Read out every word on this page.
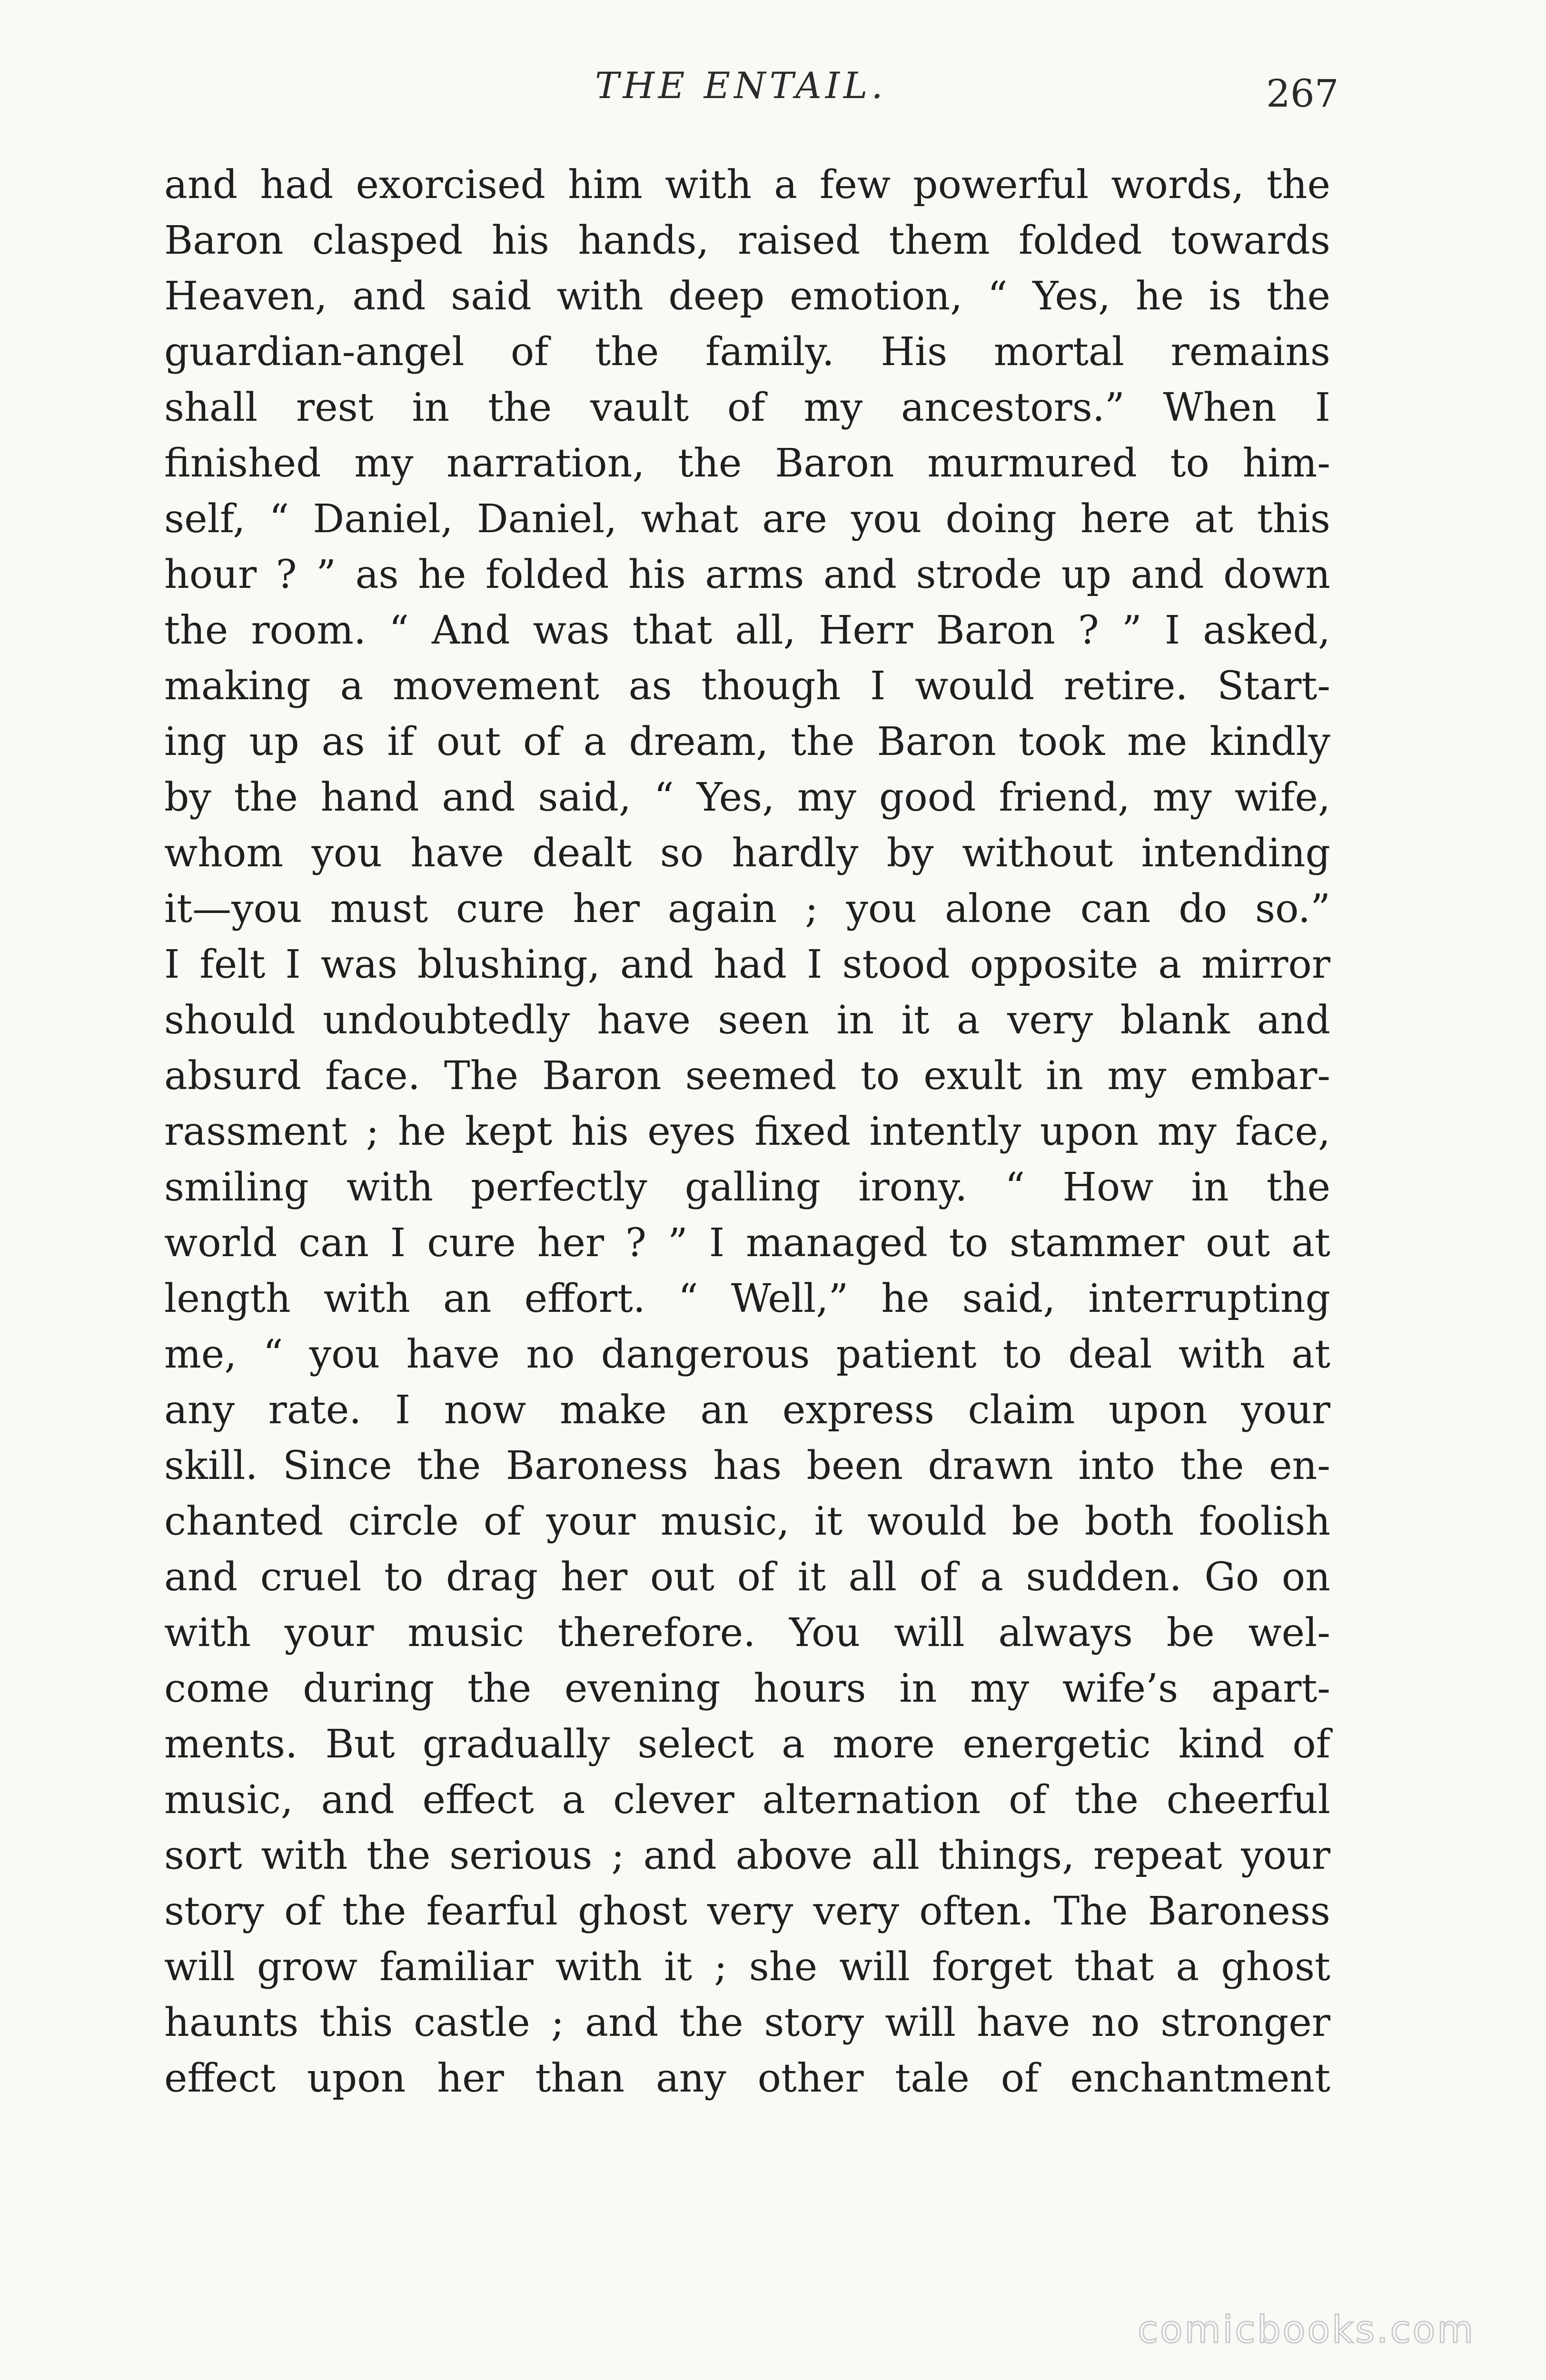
THE ENTAIL.	267
and had exorcised him with a few powerful words, the
Baron clasped his hands, raised them folded towards
Heaven, and said with deep emotion, “ Yes, he is the
guardian-angel of the family. His mortal remains
shall rest in the vault of my ancestors.” When I
finished my narration, the Baron murmured to him-
self, “ Daniel, Daniel, what are you doing here at this
hour ? ” as he folded his arms and strode up and down
the room. “ And was that all, Herr Baron ? ” I asked,
making a movement as though I would retire. Start-
ing up as if out of a dream, the Baron took me kindly
by the hand and said, “ Yes, my good friend, my wife,
whom you have dealt so hardly by without intending
it—you must cure her again ; you alone can do so.”
I felt I was blushing, and had I stood opposite a mirror
should undoubtedly have seen in it a very blank and
absurd face. The Baron seemed to exult in my embar-
rassment ; he kept his eyes fixed intently upon my face,
smiling with perfectly galling irony. “ How in the
world can I cure her ? ” I managed to stammer out at
length with an effort. “ Well,” he said, interrupting
me, “ you have no dangerous patient to deal with at
any rate. I now make an express claim upon your
skill. Since the Baroness has been drawn into the en-
chanted circle of your music, it would be both foolish
and cruel to drag her out of it all of a sudden. Go on
with your music therefore. You will always be wel-
come during the evening hours in my wife’s apart-
ments. But gradually select a more energetic kind of
music, and effect a clever alternation of the cheerful
sort with the serious ; and above all things, repeat your
story of the fearful ghost very very often. The Baroness
will grow familiar with it ; she will forget that a ghost
haunts this castle ; and the story will have no stronger
effect upon her than any other tale of enchantment
comicbooks.com
